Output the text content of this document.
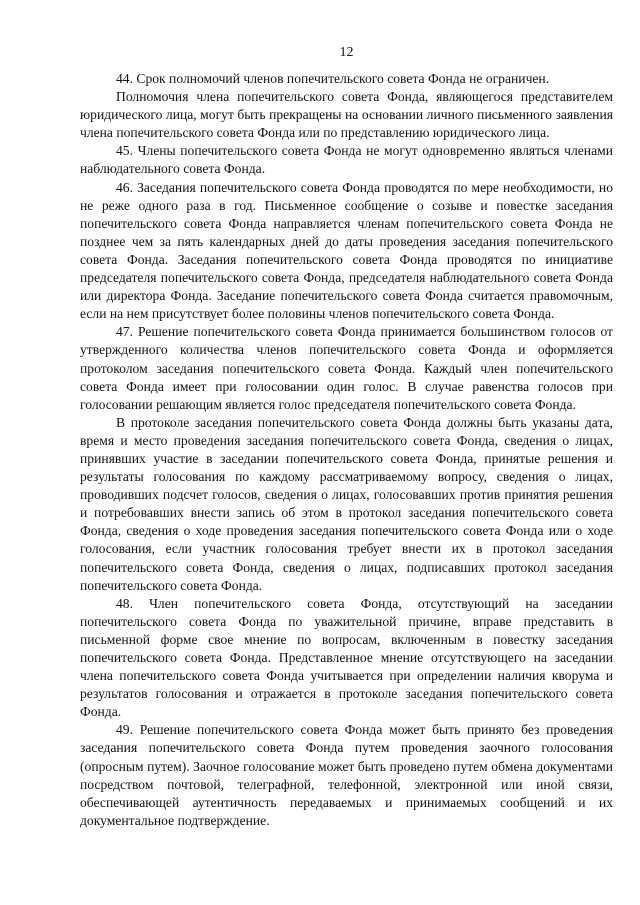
12

44. Срок полномочий членов попечительского совета Фонда не ограничен.

Полномочия члена попечительского совета Фонда, являющегося представителем юридического лица, могут быть прекращены на основании личного письменного заявления члена попечительского совета Фонда или по представлению юридического лица.

45. Члены попечительского совета Фонда не могут одновременно являться членами наблюдательного совета Фонда.

46. Заседания попечительского совета Фонда проводятся по мере необходимости, но не реже одного раза в год. Письменное сообщение о созыве и повестке заседания попечительского совета Фонда направляется членам попечительского совета Фонда не позднее чем за пять календарных дней до даты проведения заседания попечительского совета Фонда. Заседания попечительского совета Фонда проводятся по инициативе председателя попечительского совета Фонда, председателя наблюдательного совета Фонда или директора Фонда. Заседание попечительского совета Фонда считается правомочным, если на нем присутствует более половины членов попечительского совета Фонда.

47. Решение попечительского совета Фонда принимается большинством голосов от утвержденного количества членов попечительского совета Фонда и оформляется протоколом заседания попечительского совета Фонда. Каждый член попечительского совета Фонда имеет при голосовании один голос. В случае равенства голосов при голосовании решающим является голос председателя попечительского совета Фонда.

В протоколе заседания попечительского совета Фонда должны быть указаны дата, время и место проведения заседания попечительского совета Фонда, сведения о лицах, принявших участие в заседании попечительского совета Фонда, принятые решения и результаты голосования по каждому рассматриваемому вопросу, сведения о лицах, проводивших подсчет голосов, сведения о лицах, голосовавших против принятия решения и потребовавших внести запись об этом в протокол заседания попечительского совета Фонда, сведения о ходе проведения заседания попечительского совета Фонда или о ходе голосования, если участник голосования требует внести их в протокол заседания попечительского совета Фонда, сведения о лицах, подписавших протокол заседания попечительского совета Фонда.

48. Член попечительского совета Фонда, отсутствующий на заседании попечительского совета Фонда по уважительной причине, вправе представить в письменной форме свое мнение по вопросам, включенным в повестку заседания попечительского совета Фонда. Представленное мнение отсутствующего на заседании члена попечительского совета Фонда учитывается при определении наличия кворума и результатов голосования и отражается в протоколе заседания попечительского совета Фонда.

49. Решение попечительского совета Фонда может быть принято без проведения заседания попечительского совета Фонда путем проведения заочного голосования (опросным путем). Заочное голосование может быть проведено путем обмена документами посредством почтовой, телеграфной, телефонной, электронной или иной связи, обеспечивающей аутентичность передаваемых и принимаемых сообщений и их документальное подтверждение.
